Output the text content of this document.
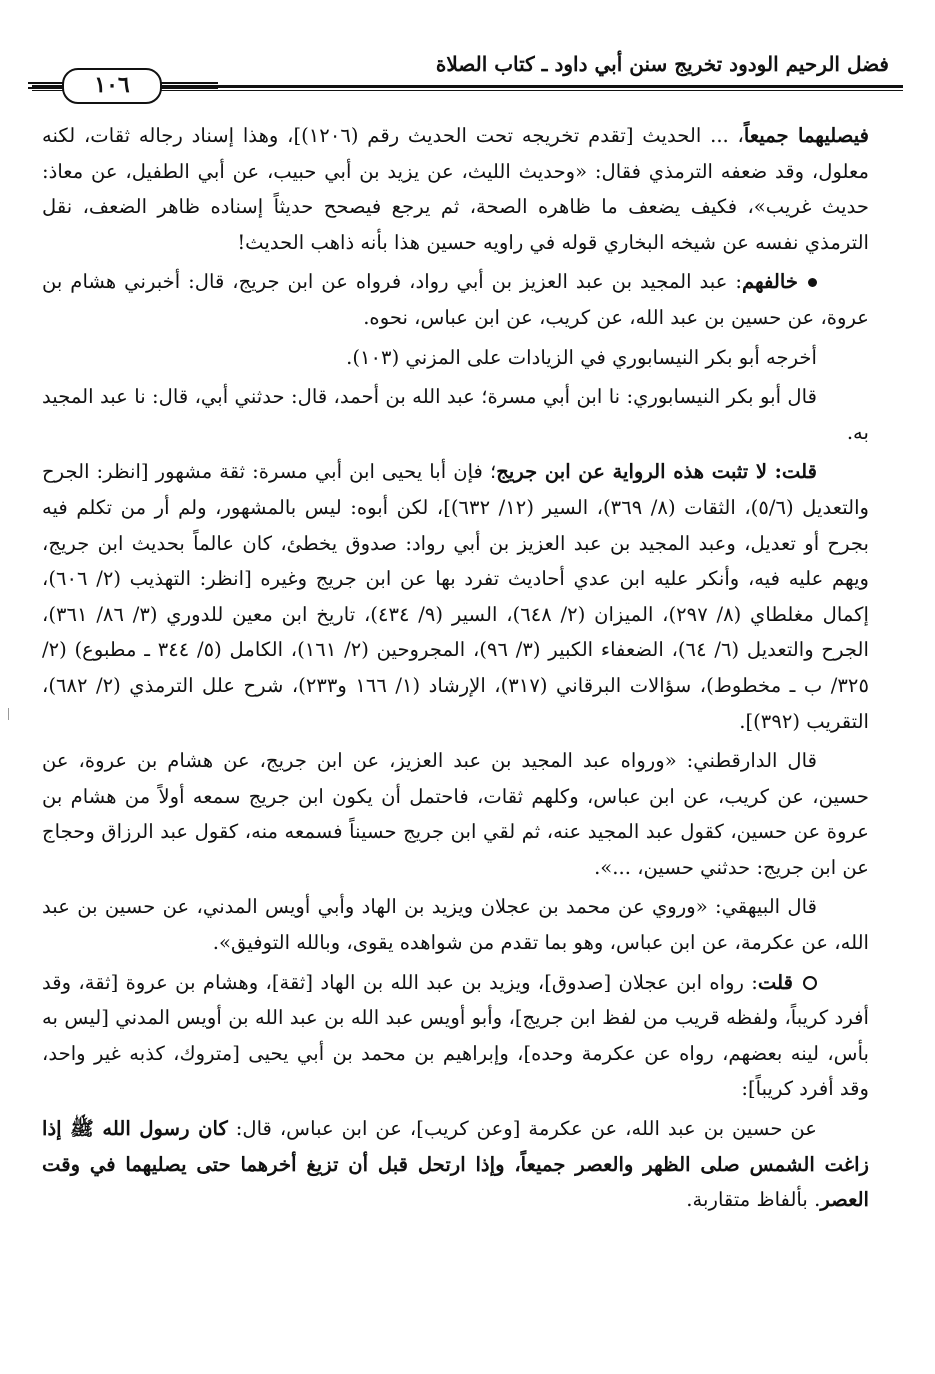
فضل الرحيم الودود تخريج سنن أبي داود ـ كتاب الصلاة
١٠٦

فيصليهما جميعاً، ... الحديث [تقدم تخريجه تحت الحديث رقم (١٢٠٦)]، وهذا إسناد رجاله ثقات، لكنه معلول، وقد ضعفه الترمذي فقال: «وحديث الليث، عن يزيد بن أبي حبيب، عن أبي الطفيل، عن معاذ: حديث غريب»، فكيف يضعف ما ظاهره الصحة، ثم يرجع فيصحح حديثاً إسناده ظاهر الضعف، نقل الترمذي نفسه عن شيخه البخاري قوله في راويه حسين هذا بأنه ذاهب الحديث!

خالفهم: عبد المجيد بن عبد العزيز بن أبي رواد، فرواه عن ابن جريج، قال: أخبرني هشام بن عروة، عن حسين بن عبد الله، عن كريب، عن ابن عباس، نحوه.

أخرجه أبو بكر النيسابوري في الزيادات على المزني (١٠٣).

قال أبو بكر النيسابوري: نا ابن أبي مسرة؛ عبد الله بن أحمد، قال: حدثني أبي، قال: نا عبد المجيد به.

قلت: لا تثبت هذه الرواية عن ابن جريج؛ فإن أبا يحيى ابن أبي مسرة: ثقة مشهور [انظر: الجرح والتعديل (٥/٦)، الثقات (٨/ ٣٦٩)، السير (١٢/ ٦٣٢)]، لكن أبوه: ليس بالمشهور، ولم أر من تكلم فيه بجرح أو تعديل، وعبد المجيد بن عبد العزيز بن أبي رواد: صدوق يخطئ، كان عالماً بحديث ابن جريج، ويهم عليه فيه، وأنكر عليه ابن عدي أحاديث تفرد بها عن ابن جريج وغيره [انظر: التهذيب (٢/ ٦٠٦)، إكمال مغلطاي (٨/ ٢٩٧)، الميزان (٢/ ٦٤٨)، السير (٩/ ٤٣٤)، تاريخ ابن معين للدوري (٣/ ٨٦/ ٣٦١)، الجرح والتعديل (٦/ ٦٤)، الضعفاء الكبير (٣/ ٩٦)، المجروحين (٢/ ١٦١)، الكامل (٥/ ٣٤٤ ـ مطبوع) (٢/ ٣٢٥/ ب ـ مخطوط)، سؤالات البرقاني (٣١٧)، الإرشاد (١/ ١٦٦ و٢٣٣)، شرح علل الترمذي (٢/ ٦٨٢)، التقريب (٣٩٢)].

قال الدارقطني: «ورواه عبد المجيد بن عبد العزيز، عن ابن جريج، عن هشام بن عروة، عن حسين، عن كريب، عن ابن عباس، وكلهم ثقات، فاحتمل أن يكون ابن جريج سمعه أولاً من هشام بن عروة عن حسين، كقول عبد المجيد عنه، ثم لقي ابن جريج حسيناً فسمعه منه، كقول عبد الرزاق وحجاج عن ابن جريج: حدثني حسين، ...».

قال البيهقي: «وروي عن محمد بن عجلان ويزيد بن الهاد وأبي أويس المدني، عن حسين بن عبد الله، عن عكرمة، عن ابن عباس، وهو بما تقدم من شواهده يقوى، وبالله التوفيق».

قلت: رواه ابن عجلان [صدوق]، ويزيد بن عبد الله بن الهاد [ثقة]، وهشام بن عروة [ثقة، وقد أفرد كريباً، ولفظه قريب من لفظ ابن جريج]، وأبو أويس عبد الله بن عبد الله بن أويس المدني [ليس به بأس، لينه بعضهم، رواه عن عكرمة وحده]، وإبراهيم بن محمد بن أبي يحيى [متروك، كذبه غير واحد، وقد أفرد كريباً]:

عن حسين بن عبد الله، عن عكرمة [وعن كريب]، عن ابن عباس، قال: كان رسول الله ﷺ إذا زاغت الشمس صلى الظهر والعصر جميعاً، وإذا ارتحل قبل أن تزيغ أخرهما حتى يصليهما في وقت العصر. بألفاظ متقاربة.
